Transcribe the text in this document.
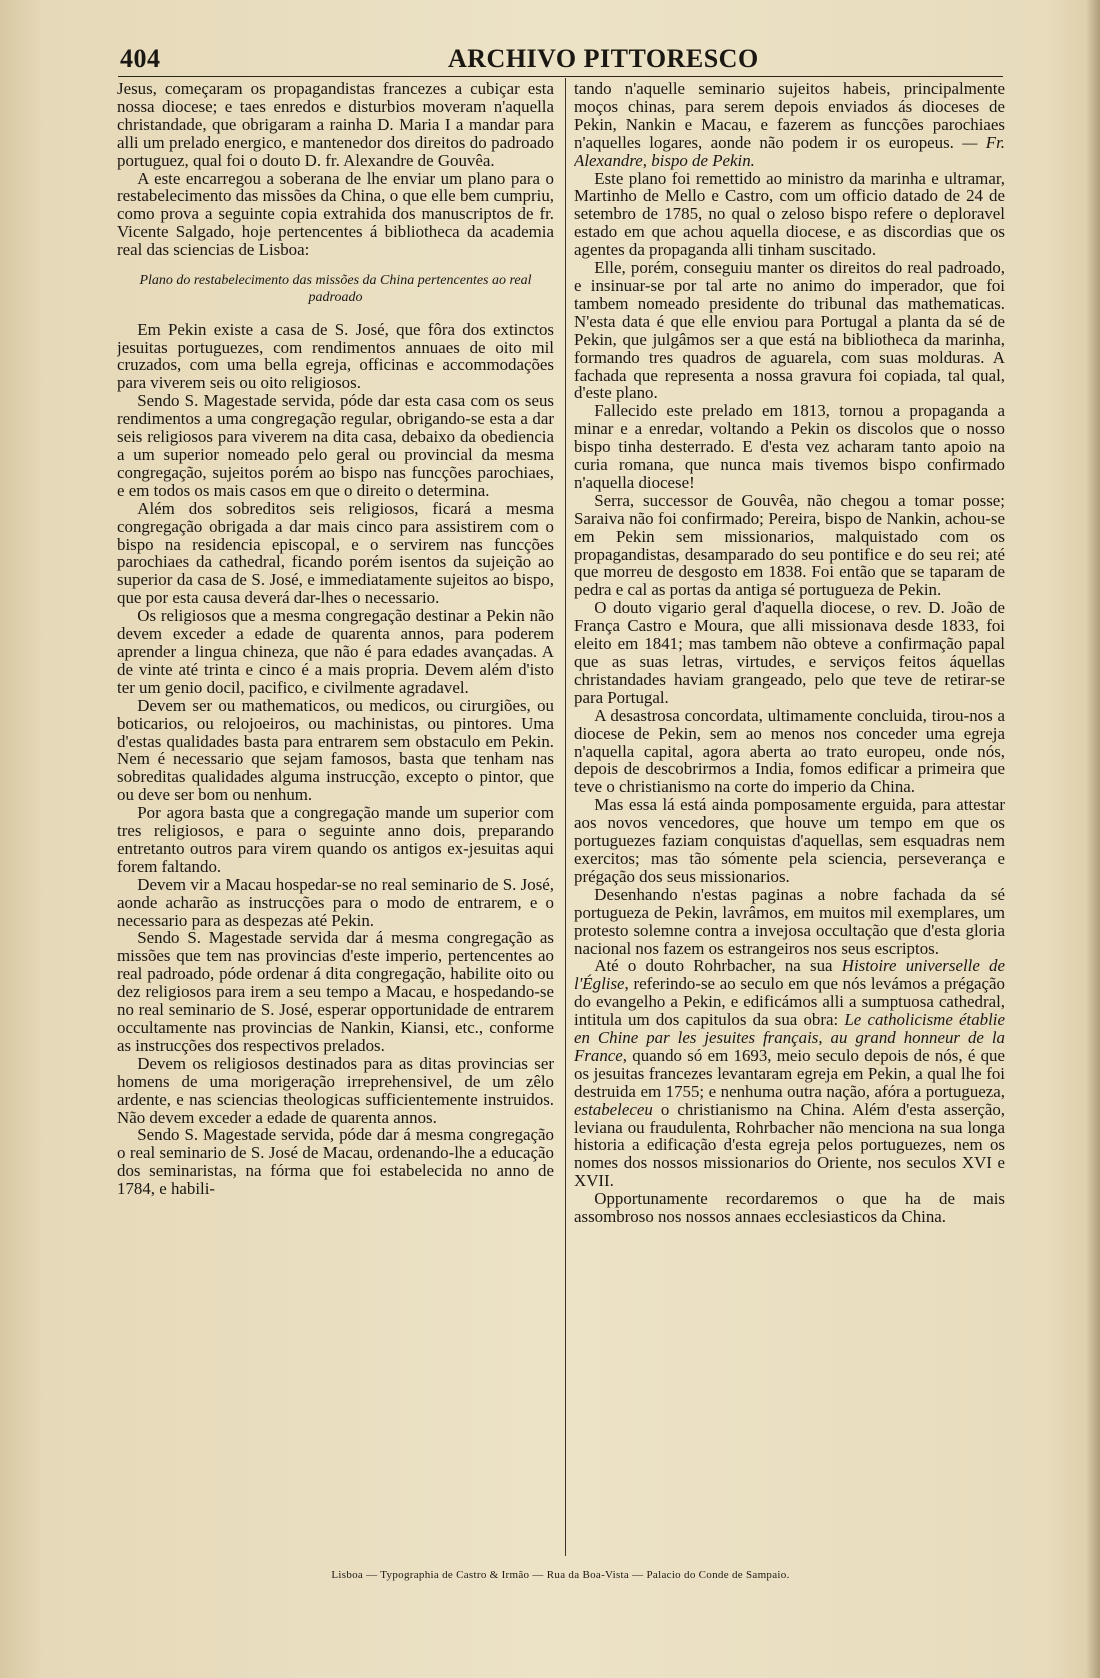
404	ARCHIVO PITTORESCO

Jesus, começaram os propagandistas francezes a cubiçar esta nossa diocese; e taes enredos e disturbios moveram n'aquella christandade, que obrigaram a rainha D. Maria I a mandar para alli um prelado energico, e mantenedor dos direitos do padroado portuguez, qual foi o douto D. fr. Alexandre de Gouvêa.

A este encarregou a soberana de lhe enviar um plano para o restabelecimento das missões da China, o que elle bem cumpriu, como prova a seguinte copia extrahida dos manuscriptos de fr. Vicente Salgado, hoje pertencentes á bibliotheca da academia real das sciencias de Lisboa:

Plano do restabelecimento das missões da China pertencentes ao real padroado

Em Pekin existe a casa de S. José, que fôra dos extinctos jesuitas portuguezes, com rendimentos annuaes de oito mil cruzados, com uma bella egreja, officinas e accommodações para viverem seis ou oito religiosos.

Sendo S. Magestade servida, póde dar esta casa com os seus rendimentos a uma congregação regular, obrigando-se esta a dar seis religiosos para viverem na dita casa, debaixo da obediencia a um superior nomeado pelo geral ou provincial da mesma congregação, sujeitos porém ao bispo nas funcções parochiaes, e em todos os mais casos em que o direito o determina.

Além dos sobreditos seis religiosos, ficará a mesma congregação obrigada a dar mais cinco para assistirem com o bispo na residencia episcopal, e o servirem nas funcções parochiaes da cathedral, ficando porém isentos da sujeição ao superior da casa de S. José, e immediatamente sujeitos ao bispo, que por esta causa deverá dar-lhes o necessario.

Os religiosos que a mesma congregação destinar a Pekin não devem exceder a edade de quarenta annos, para poderem aprender a lingua chineza, que não é para edades avançadas. A de vinte até trinta e cinco é a mais propria. Devem além d'isto ter um genio docil, pacifico, e civilmente agradavel.

Devem ser ou mathematicos, ou medicos, ou cirurgiões, ou boticarios, ou relojoeiros, ou machinistas, ou pintores. Uma d'estas qualidades basta para entrarem sem obstaculo em Pekin. Nem é necessario que sejam famosos, basta que tenham nas sobreditas qualidades alguma instrucção, excepto o pintor, que ou deve ser bom ou nenhum.

Por agora basta que a congregação mande um superior com tres religiosos, e para o seguinte anno dois, preparando entretanto outros para virem quando os antigos ex-jesuitas aqui forem faltando.

Devem vir a Macau hospedar-se no real seminario de S. José, aonde acharão as instrucções para o modo de entrarem, e o necessario para as despezas até Pekin.

Sendo S. Magestade servida dar á mesma congregação as missões que tem nas provincias d'este imperio, pertencentes ao real padroado, póde ordenar á dita congregação, habilite oito ou dez religiosos para irem a seu tempo a Macau, e hospedando-se no real seminario de S. José, esperar opportunidade de entrarem occultamente nas provincias de Nankin, Kiansi, etc., conforme as instrucções dos respectivos prelados.

Devem os religiosos destinados para as ditas provincias ser homens de uma morigeração irreprehensivel, de um zêlo ardente, e nas sciencias theologicas sufficientemente instruidos. Não devem exceder a edade de quarenta annos.

Sendo S. Magestade servida, póde dar á mesma congregação o real seminario de S. José de Macau, ordenando-lhe a educação dos seminaristas, na fórma que foi estabelecida no anno de 1784, e habili-

tando n'aquelle seminario sujeitos habeis, principalmente moços chinas, para serem depois enviados ás dioceses de Pekin, Nankin e Macau, e fazerem as funcções parochiaes n'aquelles logares, aonde não podem ir os europeus. — Fr. Alexandre, bispo de Pekin.

Este plano foi remettido ao ministro da marinha e ultramar, Martinho de Mello e Castro, com um officio datado de 24 de setembro de 1785, no qual o zeloso bispo refere o deploravel estado em que achou aquella diocese, e as discordias que os agentes da propaganda alli tinham suscitado.

Elle, porém, conseguiu manter os direitos do real padroado, e insinuar-se por tal arte no animo do imperador, que foi tambem nomeado presidente do tribunal das mathematicas. N'esta data é que elle enviou para Portugal a planta da sé de Pekin, que julgâmos ser a que está na bibliotheca da marinha, formando tres quadros de aguarela, com suas molduras. A fachada que representa a nossa gravura foi copiada, tal qual, d'este plano.

Fallecido este prelado em 1813, tornou a propaganda a minar e a enredar, voltando a Pekin os discolos que o nosso bispo tinha desterrado. E d'esta vez acharam tanto apoio na curia romana, que nunca mais tivemos bispo confirmado n'aquella diocese!

Serra, successor de Gouvêa, não chegou a tomar posse; Saraiva não foi confirmado; Pereira, bispo de Nankin, achou-se em Pekin sem missionarios, malquistado com os propagandistas, desamparado do seu pontifice e do seu rei; até que morreu de desgosto em 1838. Foi então que se taparam de pedra e cal as portas da antiga sé portugueza de Pekin.

O douto vigario geral d'aquella diocese, o rev. D. João de França Castro e Moura, que alli missionava desde 1833, foi eleito em 1841; mas tambem não obteve a confirmação papal que as suas letras, virtudes, e serviços feitos áquellas christandades haviam grangeado, pelo que teve de retirar-se para Portugal.

A desastrosa concordata, ultimamente concluida, tirou-nos a diocese de Pekin, sem ao menos nos conceder uma egreja n'aquella capital, agora aberta ao trato europeu, onde nós, depois de descobrirmos a India, fomos edificar a primeira que teve o christianismo na corte do imperio da China.

Mas essa lá está ainda pomposamente erguida, para attestar aos novos vencedores, que houve um tempo em que os portuguezes faziam conquistas d'aquellas, sem esquadras nem exercitos; mas tão sómente pela sciencia, perseverança e prégação dos seus missionarios.

Desenhando n'estas paginas a nobre fachada da sé portugueza de Pekin, lavrâmos, em muitos mil exemplares, um protesto solemne contra a invejosa occultação que d'esta gloria nacional nos fazem os estrangeiros nos seus escriptos.

Até o douto Rohrbacher, na sua Histoire universelle de l'Église, referindo-se ao seculo em que nós levámos a prégação do evangelho a Pekin, e edificámos alli a sumptuosa cathedral, intitula um dos capitulos da sua obra: Le catholicisme établie en Chine par les jesuites français, au grand honneur de la France, quando só em 1693, meio seculo depois de nós, é que os jesuitas francezes levantaram egreja em Pekin, a qual lhe foi destruida em 1755; e nenhuma outra nação, afóra a portugueza, estabeleceu o christianismo na China. Além d'esta asserção, leviana ou fraudulenta, Rohrbacher não menciona na sua longa historia a edificação d'esta egreja pelos portuguezes, nem os nomes dos nossos missionarios do Oriente, nos seculos XVI e XVII.

Opportunamente recordaremos o que ha de mais assombroso nos nossos annaes ecclesiasticos da China.

Lisboa — Typographia de Castro & Irmão — Rua da Boa-Vista — Palacio do Conde de Sampaio.
